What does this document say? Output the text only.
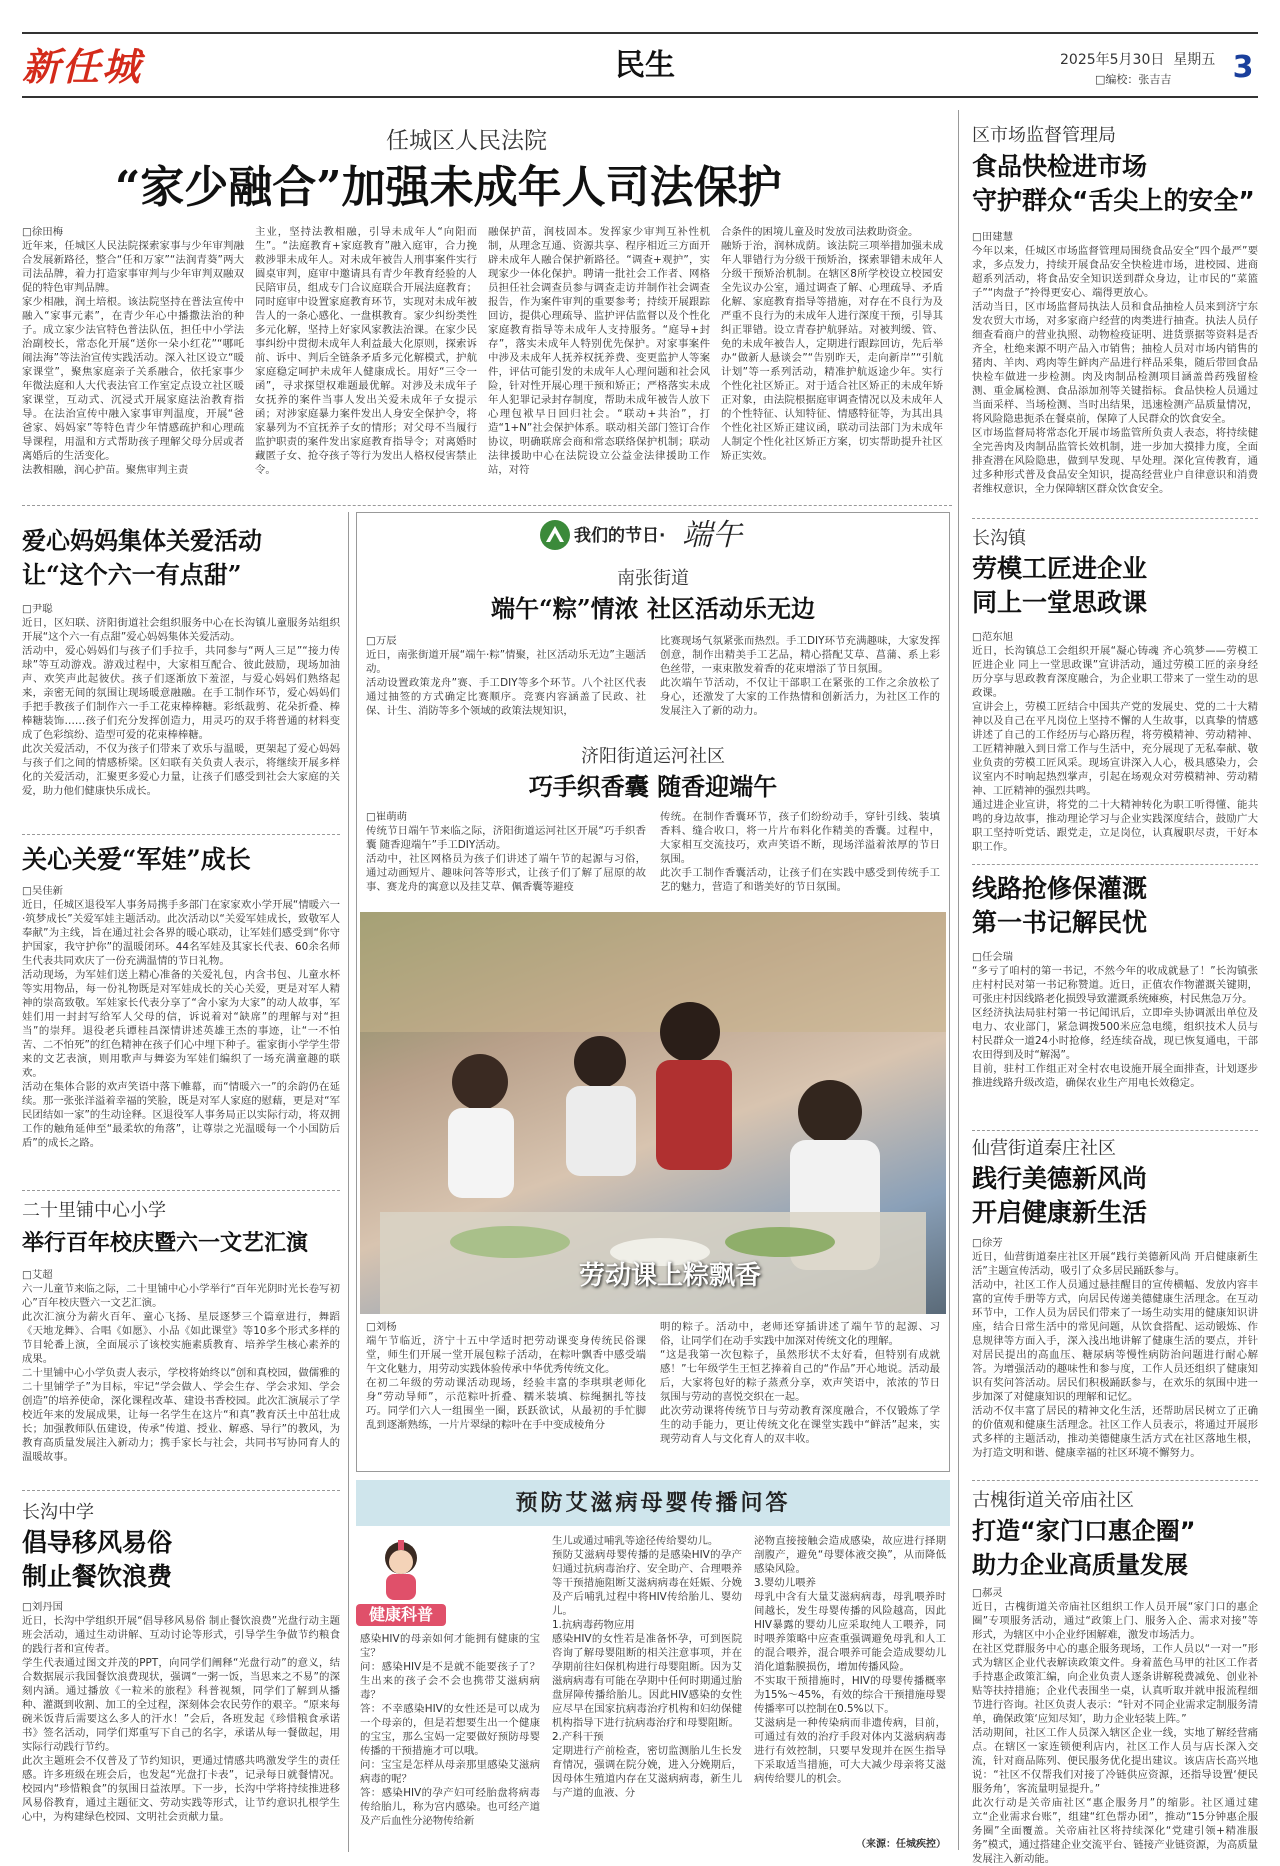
新任城	民生	2025年5月30日 星期五
□编校：张吉吉	3
任城区人民法院
“家少融合”加强未成年人司法保护
□徐田梅
近年来，任城区人民法院探索家事与少年审判融合发展新路径，整合“任和万家”“法润青葵”两大司法品牌，着力打造家事审判与少年审判双融双促的特色审判品牌。
家少相融，润土培根。该法院坚持在普法宣传中融入“家事元素”，在青少年心中播撒法治的种子。成立家少法官特色普法队伍，担任中小学法治副校长，常态化开展“送你一朵小红花”“哪吒闹法海”等法治宣传实践活动。深入社区设立“暖家课堂”，聚焦家庭亲子关系融合，依托家事少年微法庭和人大代表法官工作室定点设立社区暖家课堂，互动式、沉浸式开展家庭法治教育指导。在法治宣传中融入家事审判温度，开展“爸爸家、妈妈家”等特色青少年情感疏护和心理疏导课程，用温和方式帮助孩子理解父母分居或者离婚后的生活变化。
法教相融，润心护苗。聚焦审判主责
主业，坚持法教相融，引导未成年人“向阳而生”。“法庭教育+家庭教育”融入庭审，合力挽救涉罪未成年人。对未成年被告人刑事案件实行圆桌审判，庭审中邀请具有青少年教育经验的人民陪审员，组成专门合议庭联合开展法庭教育；同时庭审中设置家庭教育环节，实现对未成年被告人的一条心感化、一盘棋教育。家少纠纷类性多元化解，坚持上好家风家教法治课。在家少民事纠纷中贯彻未成年人利益最大化原则，探索诉前、诉中、判后全链条矛盾多元化解模式，护航家庭稳定呵护未成年人健康成长。用好“三令一函”，寻求探望权难题最优解。对涉及未成年子女抚养的案件当事人发出关爱未成年子女提示函；对涉家庭暴力案件发出人身安全保护令，将家暴列为不宜抚养子女的情形；对父母不当履行监护职责的案件发出家庭教育指导令；对离婚时藏匿子女、抢夺孩子等行为发出人格权侵害禁止令。
融保护苗，润枝固本。发挥家少审判互补性机制，从理念互通、资源共享、程序相近三方面开辟未成年人融合保护新路径。“调查+观护”，实现家少一体化保护。聘请一批社会工作者、网格员担任社会调查员参与调查走访并制作社会调查报告，作为案件审判的重要参考；持续开展跟踪回访，提供心理疏导、监护评估监督以及个性化家庭教育指导等未成年人支持服务。“庭导+封存”，落实未成年人特别优先保护。对家事案件中涉及未成年人抚养权抚养费、变更监护人等案件，评估可能引发的未成年人心理问题和社会风险，针对性开展心理干预和矫正；严格落实未成年人犯罪记录封存制度，帮助未成年被告人放下心理包袱早日回归社会。“联动+共治”，打造“1+N”社会保护体系。联动相关部门签订合作协议，明确联席会商和常态联络保护机制；联动法律援助中心在法院设立公益金法律援助工作站，对符
合条件的困境儿童及时发放司法救助资金。
融矫于治，润林成荫。该法院三项举措加强未成年人罪错行为分级干预矫治，探索罪错未成年人分级干预矫治机制。在辖区8所学校设立校园安全先议办公室，通过调查了解、心理疏导、矛盾化解、家庭教育指导等措施，对存在不良行为及严重不良行为的未成年人进行深度干预，引导其纠正罪错。设立青春护航驿站。对被判缓、管、免的未成年被告人，定期进行跟踪回访，先后举办“做新人悬谈会”“告别昨天，走向新岸”“引航计划”等一系列活动，精准护航返途少年。实行个性化社区矫正。对于适合社区矫正的未成年矫正对象，由法院根据庭审调查情况以及未成年人的个性特征、认知特征、情感特征等，为其出具个性化社区矫正建议函，联动司法部门为未成年人制定个性化社区矫正方案，切实帮助提升社区矫正实效。
区市场监督管理局
食品快检进市场
守护群众“舌尖上的安全”
□田建慧
今年以来，任城区市场监督管理局围绕食品安全“四个最严”要求，多点发力，持续开展食品安全快检进市场，进校园、进商超系列活动，将食品安全知识送到群众身边，让市民的“菜篮子”“肉盘子”拎得更安心、端得更放心。
活动当日，区市场监督局执法人员和食品抽检人员来到济宁东发农贸大市场，对多家商户经营的肉类进行抽查。执法人员仔细查看商户的营业执照、动物检疫证明、进货票据等资料是否齐全，杜绝来源不明产品入市销售；抽检人员对市场内销售的猪肉、羊肉、鸡肉等生鲜肉产品进行样品采集，随后带回食品快检车做进一步检测。肉及肉制品检测项目涵盖兽药残留检测、重金属检测、食品添加剂等关键指标。食品快检人员通过当面采样、当场检测、当时出结果，迅速检测产品质量情况，将风险隐患扼杀在餐桌前，保障了人民群众的饮食安全。
区市场监督局将常态化开展市场监管所负责人表态，将持续健全完善肉及肉制品监管长效机制，进一步加大摸排力度，全面排查潜在风险隐患，做到早发现、早处理。深化宣传教育，通过多种形式普及食品安全知识，提高经营业户自律意识和消费者维权意识，全力保障辖区群众饮食安全。
爱心妈妈集体关爱活动
让“这个六一有点甜”
□尹聪
近日，区妇联、济阳街道社会组织服务中心在长沟镇儿童服务站组织开展“这个六一有点甜”爱心妈妈集体关爱活动。
活动中，爱心妈妈们与孩子们手拉手，共同参与“两人三足”“接力传球”等互动游戏。游戏过程中，大家相互配合、彼此鼓励，现场加油声、欢笑声此起彼伏。孩子们逐渐放下羞涩，与爱心妈妈们熟络起来，亲密无间的氛围让现场暖意融融。在手工制作环节，爱心妈妈们手把手教孩子们制作六一手工花束棒棒糖。彩纸裁剪、花朵折叠、棒棒糖装饰……孩子们充分发挥创造力，用灵巧的双手将普通的材料变成了色彩缤纷、造型可爱的花束棒棒糖。
此次关爱活动，不仅为孩子们带来了欢乐与温暖，更架起了爱心妈妈与孩子们之间的情感桥梁。区妇联有关负责人表示，将继续开展多样化的关爱活动，汇聚更多爱心力量，让孩子们感受到社会大家庭的关爱，助力他们健康快乐成长。
关心关爱“军娃”成长
□吴佳新
近日，任城区退役军人事务局携手多部门在家家欢小学开展“情暖六一·筑梦成长”关爱军娃主题活动。此次活动以“关爱军娃成长，致敬军人奉献”为主线，旨在通过社会各界的暖心联动，让军娃们感受到“你守护国家，我守护你”的温暖闭环。44名军娃及其家长代表、60余名师生代表共同欢庆了一份充满温情的节日礼物。
活动现场，为军娃们送上精心准备的关爱礼包，内含书包、儿童水杯等实用物品，每一份礼物既是对军娃成长的关心关爱，更是对军人精神的崇高致敬。军娃家长代表分享了“舍小家为大家”的动人故事，军娃们用一封封写给军人父母的信，诉说着对“缺席”的理解与对“担当”的崇拜。退役老兵谭桂昌深情讲述英雄王杰的事迹，让“一不怕苦、二不怕死”的红色精神在孩子们心中埋下种子。霍家街小学学生带来的文艺表演，则用歌声与舞姿为军娃们编织了一场充满童趣的联欢。
活动在集体合影的欢声笑语中落下帷幕，而“情暖六一”的余韵仍在延续。那一张张洋溢着幸福的笑脸，既是对军人家庭的慰藉，更是对“军民团结如一家”的生动诠释。区退役军人事务局正以实际行动，将双拥工作的触角延伸至“最柔软的角落”，让尊崇之光温暖每一个小国防后盾”的成长之路。
二十里铺中心小学
举行百年校庆暨六一文艺汇演
□艾超
六一儿童节来临之际，二十里铺中心小学举行“百年光阴时光长卷写初心”百年校庆暨六一文艺汇演。
此次汇演分为薪火百年、童心飞扬、星辰逐梦三个篇章进行，舞蹈《天地龙舞》、合唱《如愿》、小品《如此课堂》等10多个形式多样的节目轮番上演，全面展示了该校实施素质教育、培养学生核心素养的成果。
二十里铺中心小学负责人表示，学校将始终以“创和真校园，做儒雅的二十里铺学子”为目标，牢记“学会做人、学会生存、学会求知、学会创造”的培养使命，深化课程改革、建设书香校园。此次汇演展示了学校近年来的发展成果，让每一名学生在这片“和真”教育沃土中茁壮成长；加强教师队伍建设，传承“传道、授业、解惑、导行”的教风，为教育高质量发展注入新动力；携手家长与社会，共同书写协同育人的温暖故事。
长沟中学
倡导移风易俗
制止餐饮浪费
□刘丹国
近日，长沟中学组织开展“倡导移风易俗 制止餐饮浪费”光盘行动主题班会活动，通过生动讲解、互动讨论等形式，引导学生争做节约粮食的践行者和宣传者。
学生代表通过图文并茂的PPT，向同学们阐释“光盘行动”的意义，结合数据展示我国餐饮浪费现状，强调“一粥一饭，当思来之不易”的深刻内涵。通过播放《一粒米的旅程》科普视频，同学们了解到从播种、灌溉到收割、加工的全过程，深刻体会农民劳作的艰辛。“原来每碗米饭背后需要这么多人的汗水！”会后，各班发起《珍惜粮食承诺书》签名活动，同学们郑重写下自己的名字，承诺从每一餐做起，用实际行动践行节约。
此次主题班会不仅普及了节约知识，更通过情感共鸣激发学生的责任感。许多班级在班会后，也发起“光盘打卡表”，记录每日就餐情况。校园内“珍惜粮食”的氛围日益浓厚。下一步，长沟中学将持续推进移风易俗教育，通过主题征文、劳动实践等形式，让节约意识扎根学生心中，为构建绿色校园、文明社会贡献力量。
我们的节日· 端午
南张街道
端午“粽”情浓 社区活动乐无边
□万辰
近日，南张街道开展“端午·粽”情聚，社区活动乐无边”主题活动。
活动设置政策龙舟”赛、手工DIY等多个环节。八个社区代表通过抽签的方式确定比赛顺序。竞赛内容涵盖了民政、社保、计生、消防等多个领域的政策法规知识，
比赛现场气氛紧张而热烈。手工DIY环节充满趣味，大家发挥创意，制作出精美手工艺品，精心搭配艾草、菖蒲、系上彩色丝带，一束束散发着香的花束增添了节日氛围。
此次端午节活动，不仅让干部职工在紧张的工作之余放松了身心，还激发了大家的工作热情和创新活力，为社区工作的发展注入了新的动力。
济阳街道运河社区
巧手织香囊 随香迎端午
□崔萌萌
传统节日端午节来临之际，济阳街道运河社区开展“巧手织香囊 随香迎端午”手工DIY活动。
活动中，社区网格员为孩子们讲述了端午节的起源与习俗，通过动画短片、趣味问答等形式，让孩子们了解了屈原的故事、赛龙舟的寓意以及挂艾草、佩香囊等避疫
传统。在制作香囊环节，孩子们纷纷动手，穿针引线、装填香料、缝合收口，将一片片布料化作精美的香囊。过程中，大家相互交流技巧，欢声笑语不断，现场洋溢着浓厚的节日氛围。
此次手工制作香囊活动，让孩子们在实践中感受到传统手工艺的魅力，营造了和谐美好的节日氛围。
劳动课上粽飘香
□刘杨
端午节临近，济宁十五中学适时把劳动课变身传统民俗课堂，师生们开展一堂开展包粽子活动，在粽叶飘香中感受端午文化魅力，用劳动实践体验传承中华优秀传统文化。
在初二年级的劳动课活动现场，经验丰富的李琪琪老师化身“劳动导师”，示范粽叶折叠、糯米装填、棕绳捆扎等技巧。同学们六人一组围坐一圈，跃跃欲试，从最初的手忙脚乱到逐渐熟练，一片片翠绿的粽叶在手中变成棱角分
明的粽子。活动中，老师还穿插讲述了端午节的起源、习俗，让同学们在动手实践中加深对传统文化的理解。
“这是我第一次包粽子，虽然形状不太好看，但特别有成就感！”七年级学生王恒艺捧着自己的“作品”开心地说。活动最后，大家将包好的粽子蒸煮分享，欢声笑语中，浓浓的节日氛围与劳动的喜悦交织在一起。
此次劳动课将传统节日与劳动教育深度融合，不仅锻炼了学生的动手能力，更让传统文化在课堂实践中“鲜活”起来，实现劳动育人与文化育人的双丰收。
预防艾滋病母婴传播问答
健康科普
感染HIV的母亲如何才能拥有健康的宝宝？
问：感染HIV是不是就不能要孩子了？生出来的孩子会不会也携带艾滋病病毒？
答：不幸感染HIV的女性还是可以成为一个母亲的，但是若想要生出一个健康的宝宝，那么宝妈一定要做好预防母婴传播的干预措施才可以哦。
问：宝宝是怎样从母亲那里感染艾滋病病毒的呢？
答：感染HIV的孕产妇可经胎盘将病毒传给胎儿，称为宫内感染。也可经产道及产后血性分泌物传给新
生儿或通过哺乳等途径传给婴幼儿。
预防艾滋病母婴传播的是感染HIV的孕产妇通过抗病毒治疗、安全助产、合理喂养等干预措施阻断艾滋病病毒在妊娠、分娩及产后哺乳过程中将HIV传给胎儿、婴幼儿。
1.抗病毒药物应用
感染HIV的女性若是准备怀孕，可到医院咨询了解母婴阻断的相关注意事项，并在孕期前往妇保机构进行母婴阻断。因为艾滋病病毒有可能在孕期中任何时期通过胎盘屏障传播给胎儿。因此HIV感染的女性应尽早在国家抗病毒治疗机构和妇幼保健机构指导下进行抗病毒治疗和母婴阻断。
2.产科干预
定期进行产前检查，密切监测胎儿生长发育情况，强调在院分娩，进入分娩期后，因母体生殖道内存在艾滋病病毒，新生儿与产道的血液、分
泌物直接接触会造成感染，故应进行择期剖腹产，避免“母婴体液交换”，从而降低感染风险。
3.婴幼儿喂养
母乳中含有大量艾滋病病毒，母乳喂养时间越长，发生母婴传播的风险越高，因此HIV暴露的婴幼儿应采取纯人工喂养，同时喂养策略中应查重强调避免母乳和人工的混合喂养，混合喂养可能会造成婴幼儿消化道黏膜损伤，增加传播风险。
不实取干预措施时，HIV的母婴传播概率为15%～45%，有效的综合干预措施母婴传播率可以控制在0.5%以下。
艾滋病是一种传染病而非遗传病，目前，可通过有效的治疗手段对体内艾滋病病毒进行有效控制，只要早发现并在医生指导下采取适当措施，可大大减少母亲将艾滋病传给婴儿的机会。
（来源：任城疾控）
长沟镇
劳模工匠进企业
同上一堂思政课
□范东旭
近日，长沟镇总工会组织开展“凝心铸魂 齐心筑梦——劳模工匠进企业 同上一堂思政课”宣讲活动，通过劳模工匠的亲身经历分享与思政教育深度融合，为企业职工带来了一堂生动的思政课。
宣讲会上，劳模工匠结合中国共产党的发展史、党的二十大精神以及自己在平凡岗位上坚持不懈的人生故事，以真挚的情感讲述了自己的工作经历与心路历程，将劳模精神、劳动精神、工匠精神融入到日常工作与生活中，充分展现了无私奉献、敬业负责的劳模工匠风采。现场宣讲深入人心，极具感染力，会议室内不时响起热烈掌声，引起在场观众对劳模精神、劳动精神、工匠精神的强烈共鸣。
通过进企业宣讲，将党的二十大精神转化为职工听得懂、能共鸣的身边故事，推动理论学习与企业实践深度结合，鼓励广大职工坚持听党话、跟党走，立足岗位，认真履职尽责，干好本职工作。
线路抢修保灌溉
第一书记解民忧
□任会瑞
“多亏了咱村的第一书记，不然今年的收成就悬了！”长沟镇张庄村村民对第一书记称赞道。近日，正值农作物灌溉关键期，可张庄村因线路老化损毁导致灌溉系统瘫痪，村民焦急万分。
区经济执法局驻村第一书记闻讯后，立即牵头协调派出单位及电力、农业部门，紧急调拨500米应急电缆，组织技术人员与村民群众一道24小时抢修，经连续奋战，现已恢复通电，干部农田得到及时“解渴”。
目前，驻村工作组正对全村农电设施开展全面排查，计划逐步推进线路升级改造，确保农业生产用电长效稳定。
仙营街道秦庄社区
践行美德新风尚
开启健康新生活
□徐芳
近日，仙营街道秦庄社区开展“践行美德新风尚 开启健康新生活”主题宣传活动，吸引了众多居民踊跃参与。
活动中，社区工作人员通过悬挂醒目的宣传横幅、发放内容丰富的宣传手册等方式，向居民传递美德健康生活理念。在互动环节中，工作人员为居民们带来了一场生动实用的健康知识讲座，结合日常生活中的常见问题，从饮食搭配、运动锻炼、作息规律等方面入手，深入浅出地讲解了健康生活的要点，并针对居民提出的高血压、糖尿病等慢性病防治问题进行耐心解答。为增强活动的趣味性和参与度，工作人员还组织了健康知识有奖问答活动。居民们积极踊跃参与，在欢乐的氛围中进一步加深了对健康知识的理解和记忆。
活动不仅丰富了居民的精神文化生活，还帮助居民树立了正确的价值观和健康生活理念。社区工作人员表示，将通过开展形式多样的主题活动，推动美德健康生活方式在社区落地生根，为打造文明和谐、健康幸福的社区环境不懈努力。
古槐街道关帝庙社区
打造“家门口惠企圈”
助力企业高质量发展
□郝灵
近日，古槐街道关帝庙社区组织工作人员开展“家门口的惠企圈”专项服务活动，通过“政策上门、服务入企、需求对接”等形式，为辖区中小企业纾困解难，激发市场活力。
在社区党群服务中心的惠企服务现场，工作人员以“一对一”形式为辖区企业代表解读政策文件。身着蓝色马甲的社区工作者手持惠企政策汇编，向企业负责人逐条讲解税费减免、创业补贴等扶持措施；企业代表围坐一桌，认真听取并就申报流程细节进行咨询。社区负责人表示：“针对不同企业需求定制服务清单，确保政策‘应知尽知’，助力企业轻装上阵。”
活动期间，社区工作人员深入辖区企业一线，实地了解经营痛点。在辖区一家连锁便利店内，社区工作人员与店长深入交流，针对商品陈列、便民服务优化提出建议。该店店长高兴地说：“社区不仅帮我们对接了冷链供应资源，还指导设置‘便民服务角’，客流量明显提升。”
此次行动是关帝庙社区“惠企服务月”的缩影。社区通过建立“企业需求台账”，组建“红色帮办团”，推动“15分钟惠企服务圈”全面覆盖。关帝庙社区将持续深化“党建引领+精准服务”模式，通过搭建企业交流平台、链接产业链资源，为高质量发展注入新动能。
